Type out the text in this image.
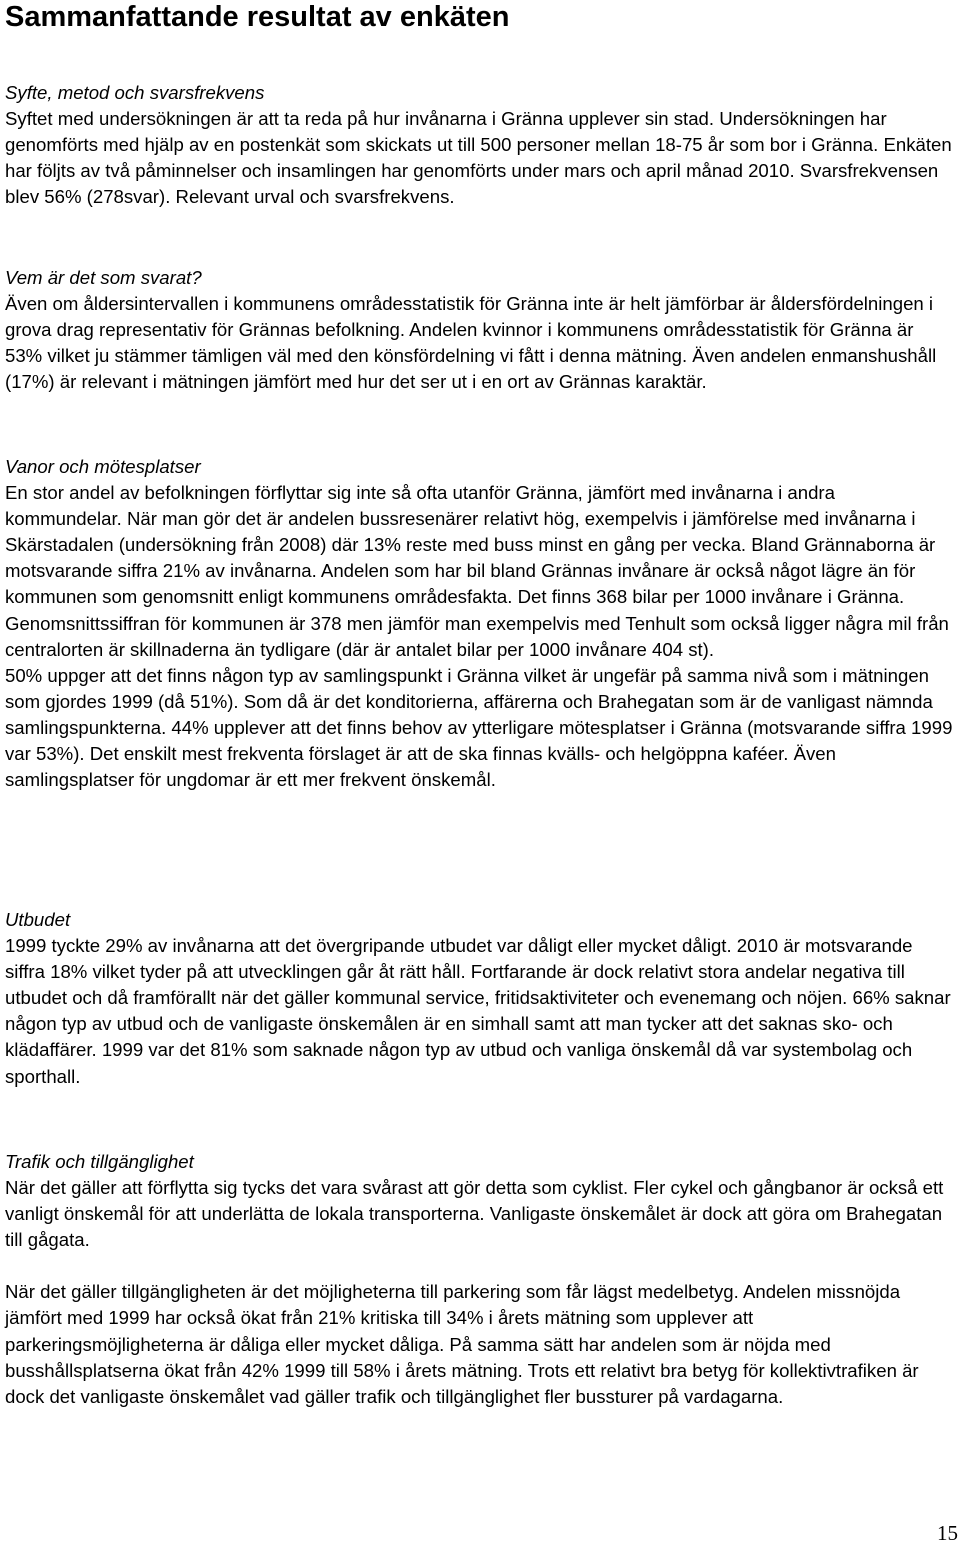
Sammanfattande resultat av enkäten
Syfte, metod och svarsfrekvens
Syftet med undersökningen är att ta reda på hur invånarna i Gränna upplever sin stad. Undersökningen har genomförts med hjälp av en postenkät som skickats ut till 500 personer mellan 18-75 år som bor i Gränna. Enkäten har följts av två påminnelser och insamlingen har genomförts under mars och april månad 2010. Svarsfrekvensen blev 56% (278svar). Relevant urval och svarsfrekvens.
Vem är det som svarat?
Även om åldersintervallen i kommunens områdesstatistik för Gränna inte är helt jämförbar är åldersfördelningen i grova drag representativ för Grännas befolkning. Andelen kvinnor i kommunens områdesstatistik för Gränna är 53% vilket ju stämmer tämligen väl med den könsfördelning vi fått i denna mätning. Även andelen enmanshushåll (17%) är relevant i mätningen jämfört med hur det ser ut i en ort av Grännas karaktär.
Vanor och mötesplatser
En stor andel av befolkningen förflyttar sig inte så ofta utanför Gränna, jämfört med invånarna i andra kommundelar. När man gör det är andelen bussresenärer relativt hög, exempelvis i jämförelse med invånarna i Skärstadalen (undersökning från 2008) där 13% reste med buss minst en gång per vecka. Bland Grännaborna är motsvarande siffra 21% av invånarna. Andelen som har bil bland Grännas invånare är också något lägre än för kommunen som genomsnitt enligt kommunens områdesfakta. Det finns 368 bilar per 1000 invånare i Gränna. Genomsnittssiffran för kommunen är 378 men jämför man exempelvis med Tenhult som också ligger några mil från centralorten är skillnaderna än tydligare (där är antalet bilar per 1000 invånare 404 st).
50% uppger att det finns någon typ av samlingspunkt i Gränna vilket är ungefär på samma nivå som i mätningen som gjordes 1999 (då 51%). Som då är det konditorierna, affärerna och Brahegatan som är de vanligast nämnda samlingspunkterna. 44% upplever att det finns behov av ytterligare mötesplatser i Gränna (motsvarande siffra 1999 var 53%). Det enskilt mest frekventa förslaget är att de ska finnas kvälls- och helgöppna kaféer. Även samlingsplatser för ungdomar är ett mer frekvent önskemål.
Utbudet
1999 tyckte 29% av invånarna att det övergripande utbudet var dåligt eller mycket dåligt. 2010 är motsvarande siffra 18% vilket tyder på att utvecklingen går åt rätt håll. Fortfarande är dock relativt stora andelar negativa till utbudet och då framförallt när det gäller kommunal service, fritidsaktiviteter och evenemang och nöjen. 66% saknar någon typ av utbud och de vanligaste önskemålen är en simhall samt att man tycker att det saknas sko- och klädaffärer. 1999 var det 81% som saknade någon typ av utbud och vanliga önskemål då var systembolag och sporthall.
Trafik och tillgänglighet
När det gäller att förflytta sig tycks det vara svårast att gör detta som cyklist. Fler cykel och gångbanor är också ett vanligt önskemål för att underlätta de lokala transporterna. Vanligaste önskemålet är dock att göra om Brahegatan till gågata.
När det gäller tillgängligheten är det möjligheterna till parkering som får lägst medelbetyg. Andelen missnöjda jämfört med 1999 har också ökat från 21% kritiska till 34% i årets mätning som upplever att parkeringsmöjligheterna är dåliga eller mycket dåliga. På samma sätt har andelen som är nöjda med busshållsplatserna ökat från 42% 1999 till 58% i årets mätning. Trots ett relativt bra betyg för kollektivtrafiken är dock det vanligaste önskemålet vad gäller trafik och tillgänglighet fler bussturer på vardagarna.
15
